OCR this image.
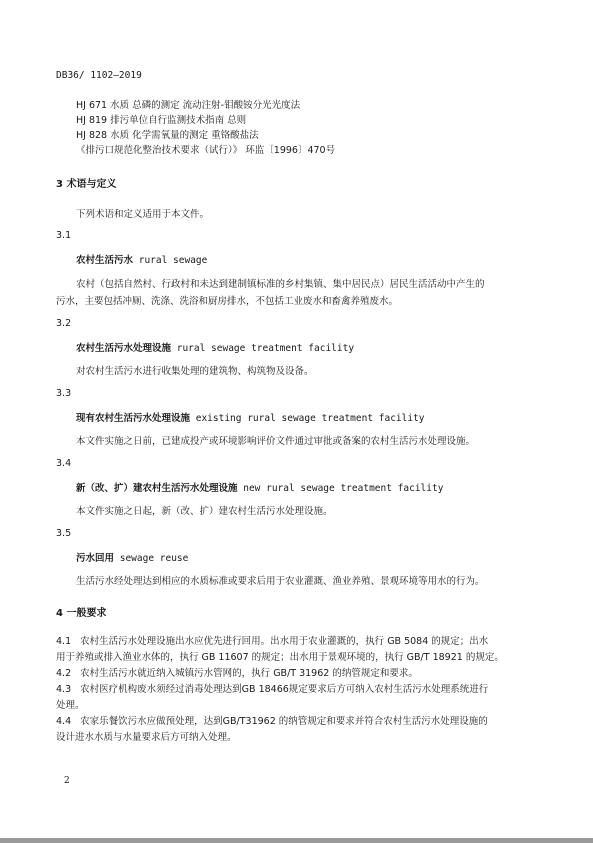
DB36/ 1102—2019
HJ 671 水质 总磷的测定 流动注射-钼酸铵分光光度法
HJ 819 排污单位自行监测技术指南 总则
HJ 828 水质 化学需氧量的测定 重铬酸盐法
《排污口规范化整治技术要求（试行）》 环监〔1996〕470号
3 术语与定义
下列术语和定义适用于本文件。
3.1
农村生活污水 rural sewage
农村（包括自然村、行政村和未达到建制镇标准的乡村集镇、集中居民点）居民生活活动中产生的
污水，主要包括冲厕、洗涤、洗浴和厨房排水，不包括工业废水和畜禽养殖废水。
3.2
农村生活污水处理设施 rural sewage treatment facility
对农村生活污水进行收集处理的建筑物、构筑物及设备。
3.3
现有农村生活污水处理设施 existing rural sewage treatment facility
本文件实施之日前，已建成投产或环境影响评价文件通过审批或备案的农村生活污水处理设施。
3.4
新（改、扩）建农村生活污水处理设施 new rural sewage treatment facility
本文件实施之日起，新（改、扩）建农村生活污水处理设施。
3.5
污水回用 sewage reuse
生活污水经处理达到相应的水质标准或要求后用于农业灌溉、渔业养殖、景观环境等用水的行为。
4 一般要求
4.1 农村生活污水处理设施出水应优先进行回用。出水用于农业灌溉的，执行 GB 5084 的规定；出水
用于养殖或排入渔业水体的，执行 GB 11607 的规定；出水用于景观环境的，执行 GB/T 18921 的规定。
4.2 农村生活污水就近纳入城镇污水管网的，执行 GB/T 31962 的纳管规定和要求。
4.3 农村医疗机构废水须经过消毒处理达到GB 18466规定要求后方可纳入农村生活污水处理系统进行
处理。
4.4 农家乐餐饮污水应做预处理，达到GB/T31962 的纳管规定和要求并符合农村生活污水处理设施的
设计进水水质与水量要求后方可纳入处理。
2
